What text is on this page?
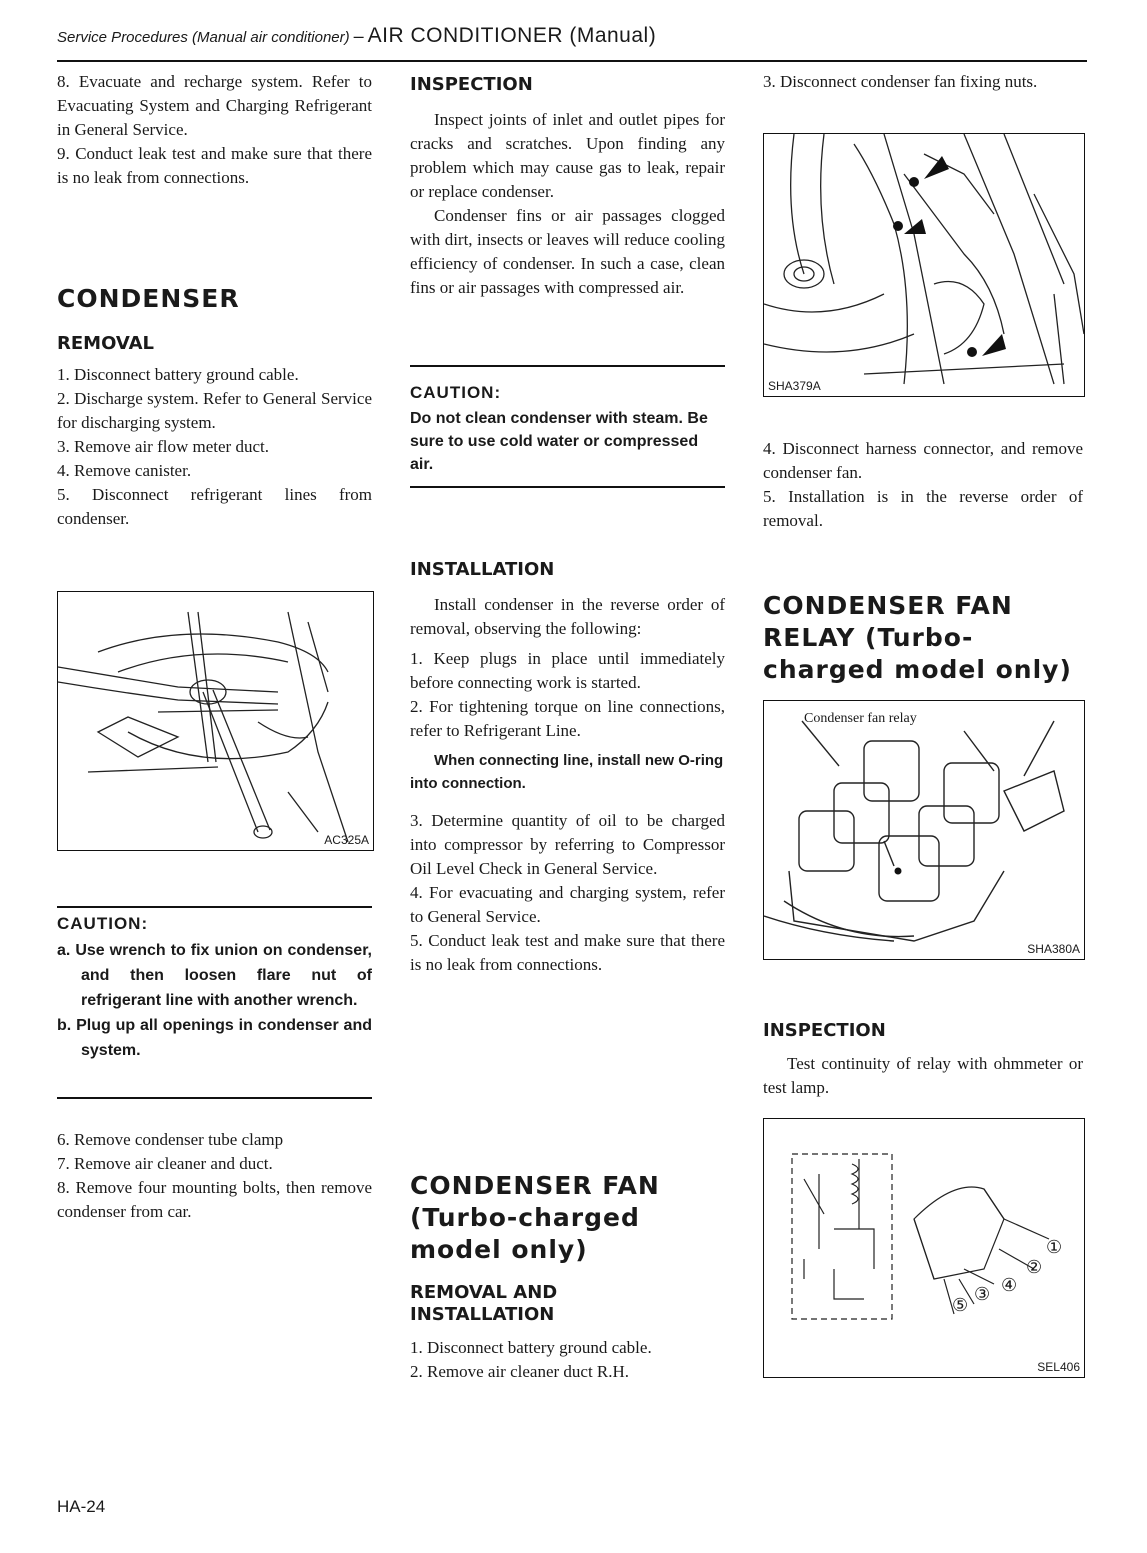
Service Procedures (Manual air conditioner) – AIR CONDITIONER (Manual)

8. Evacuate and recharge system. Refer to Evacuating System and Charging Refrigerant in General Service.

9. Conduct leak test and make sure that there is no leak from connections.

CONDENSER
REMOVAL

1. Disconnect battery ground cable.

2. Discharge system. Refer to General Service for discharging system.

3. Remove air flow meter duct.

4. Remove canister.

5. Disconnect refrigerant lines from condenser.

AC325A

CAUTION:

a. Use wrench to fix union on condenser, and then loosen flare nut of refrigerant line with another wrench.
b. Plug up all openings in condenser and system.

6. Remove condenser tube clamp

7. Remove air cleaner and duct.

8. Remove four mounting bolts, then remove condenser from car.

INSPECTION

Inspect joints of inlet and outlet pipes for cracks and scratches. Upon finding any problem which may cause gas to leak, repair or replace condenser.

Condenser fins or air passages clogged with dirt, insects or leaves will reduce cooling efficiency of condenser. In such a case, clean fins or air passages with compressed air.

CAUTION:

Do not clean condenser with steam. Be sure to use cold water or compressed air.

INSTALLATION

Install condenser in the reverse order of removal, observing the following:

1. Keep plugs in place until immediately before connecting work is started.

2. For tightening torque on line connections, refer to Refrigerant Line.

When connecting line, install new O-ring into connection.

3. Determine quantity of oil to be charged into compressor by referring to Compressor Oil Level Check in General Service.

4. For evacuating and charging system, refer to General Service.

5. Conduct leak test and make sure that there is no leak from connections.

CONDENSER FAN
(Turbo-charged
model only)
REMOVAL AND
INSTALLATION

1. Disconnect battery ground cable.

2. Remove air cleaner duct R.H.

3. Disconnect condenser fan fixing nuts.

SHA379A

4. Disconnect harness connector, and remove condenser fan.

5. Installation is in the reverse order of removal.

CONDENSER FAN
RELAY (Turbo-
charged model only)
Condenser fan relay
SHA380A
INSPECTION

Test continuity of relay with ohmmeter or test lamp.

①
②
③ ④
⑤
SEL406
HA-24
